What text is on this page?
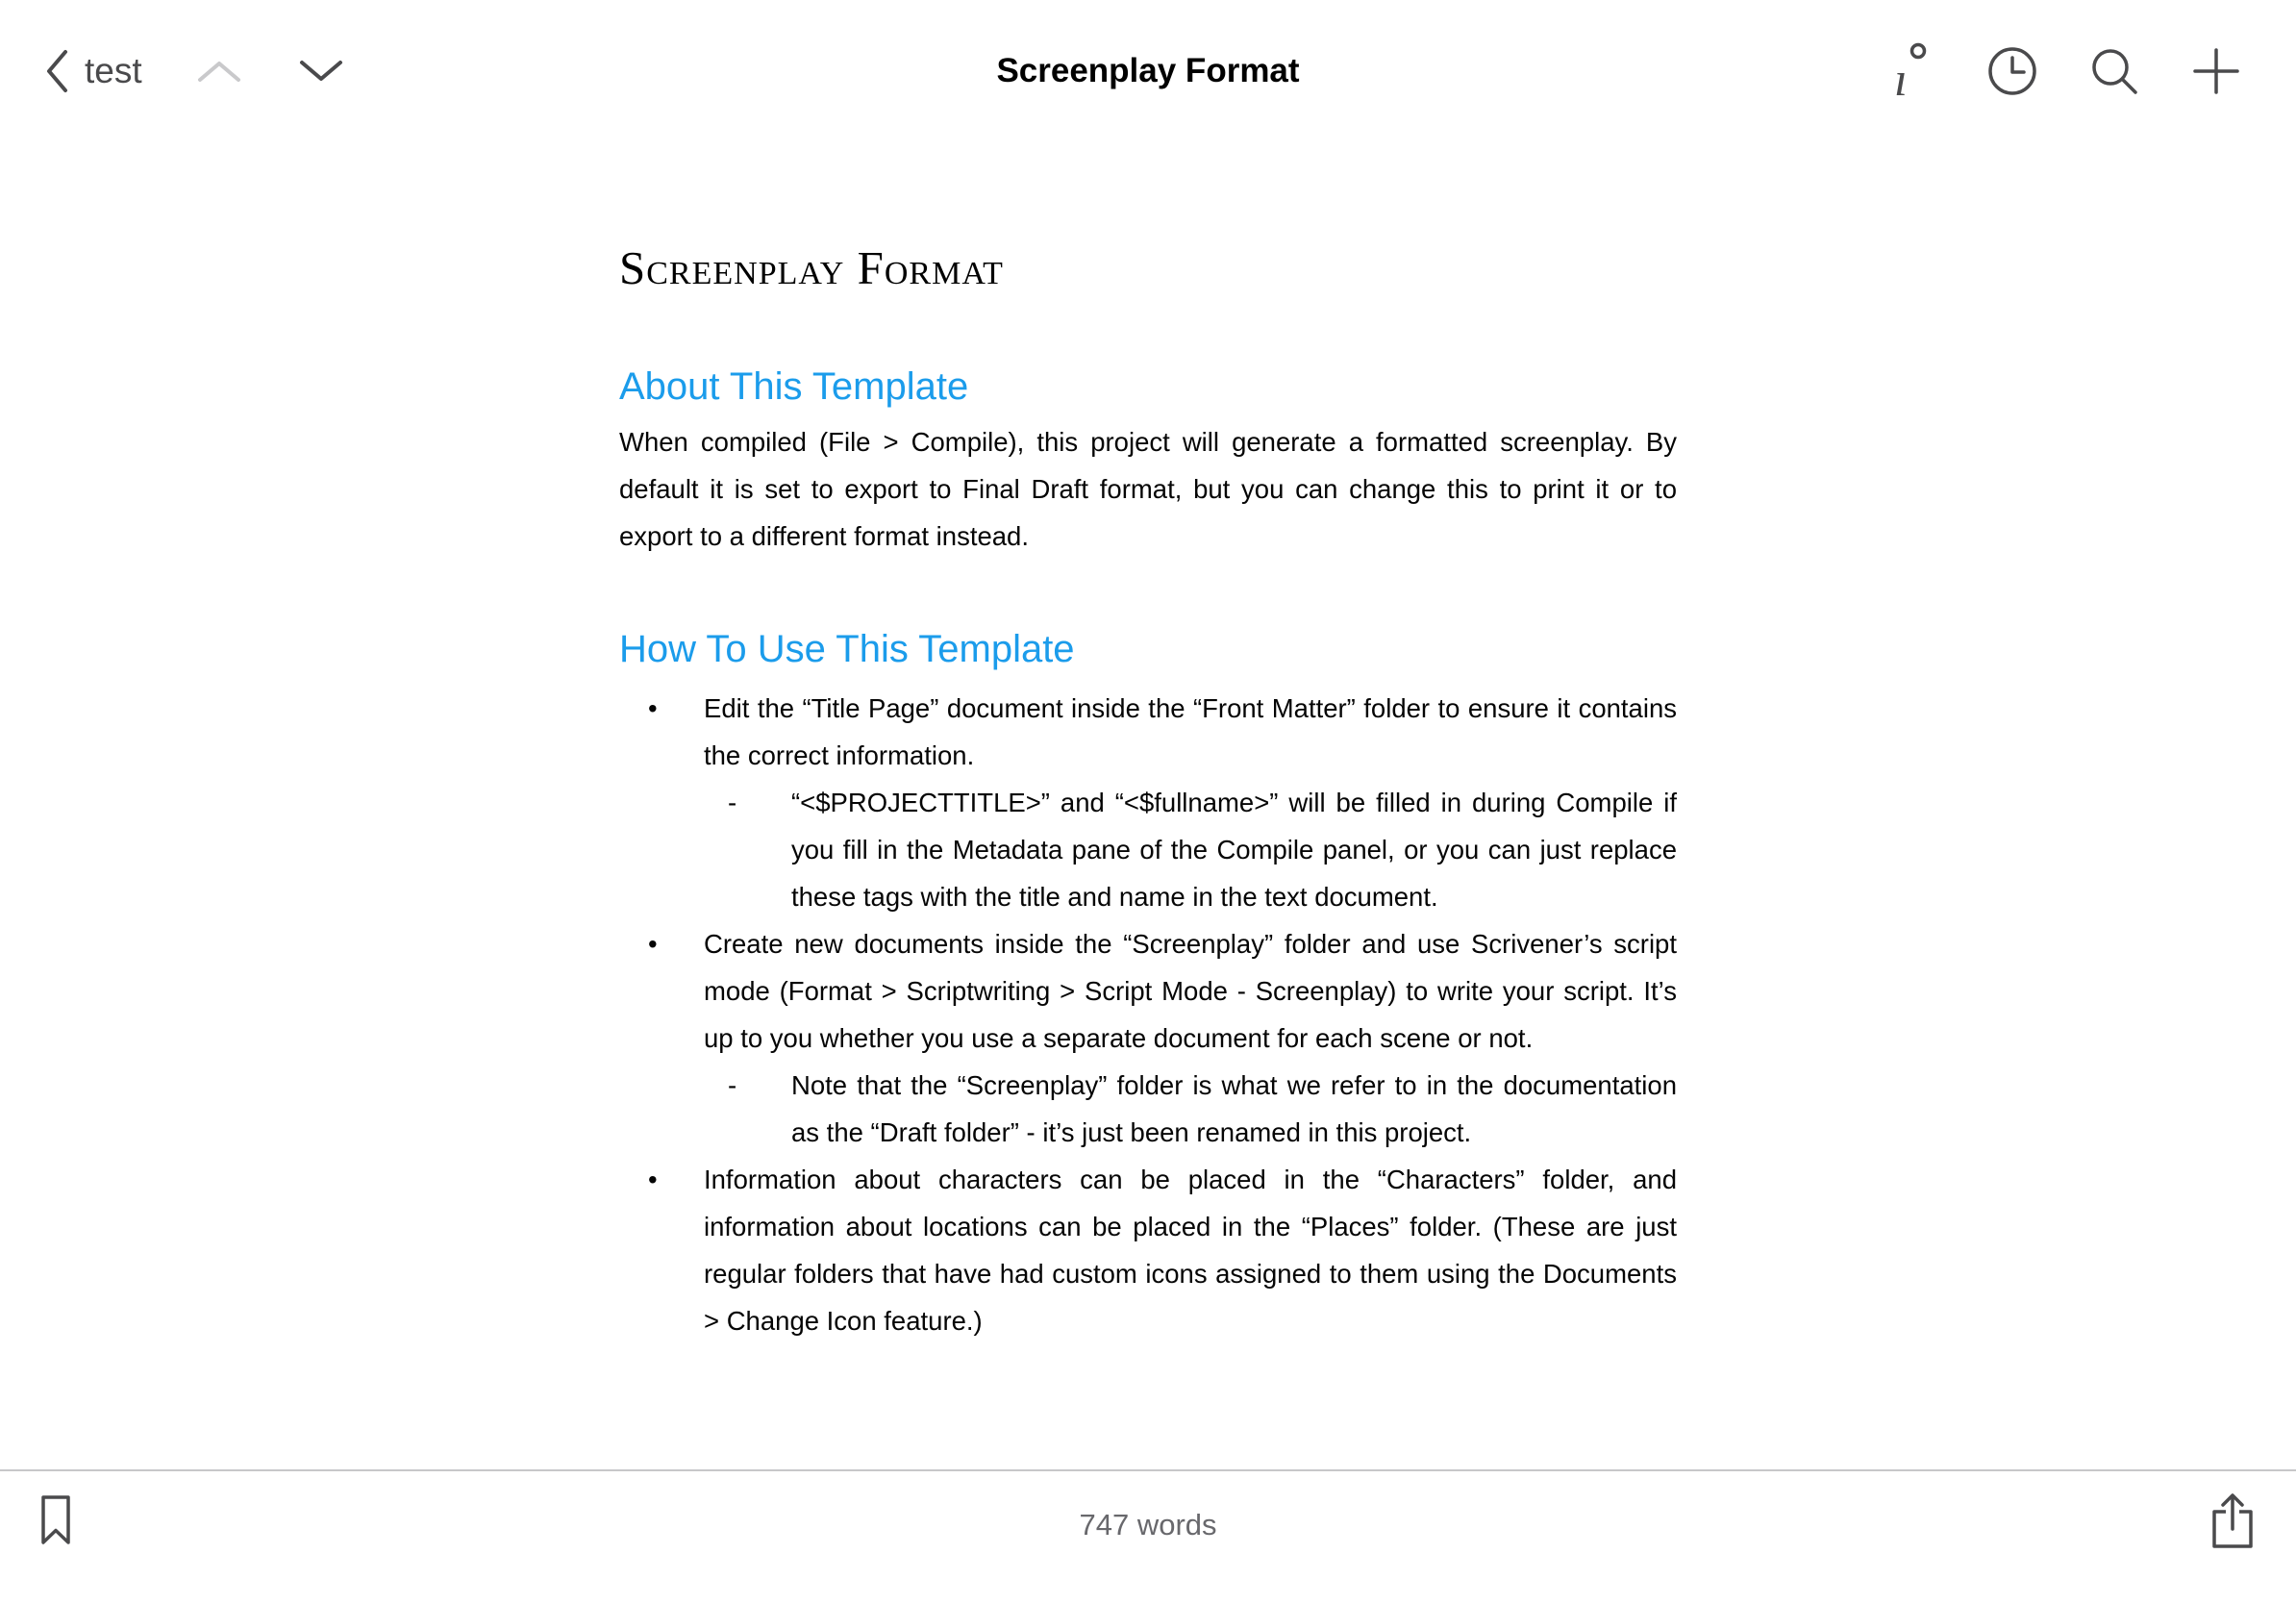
test	Screenplay Format	ı
Screenplay Format
About This Template
When compiled (File > Compile), this project will generate a formatted screenplay. By default it is set to export to Final Draft format, but you can change this to print it or to export to a different format instead.
How To Use This Template
• Edit the “Title Page” document inside the “Front Matter” folder to ensure it contains the correct information.
- “<$PROJECTTITLE>” and “<$fullname>” will be filled in during Compile if you fill in the Metadata pane of the Compile panel, or you can just replace these tags with the title and name in the text document.
• Create new documents inside the “Screenplay” folder and use Scrivener’s script mode (Format > Scriptwriting > Script Mode - Screenplay) to write your script. It’s up to you whether you use a separate document for each scene or not.
- Note that the “Screenplay” folder is what we refer to in the documentation as the “Draft folder” - it’s just been renamed in this project.
• Information about characters can be placed in the “Characters” folder, and information about locations can be placed in the “Places” folder. (These are just regular folders that have had custom icons assigned to them using the Documents > Change Icon feature.)
747 words
